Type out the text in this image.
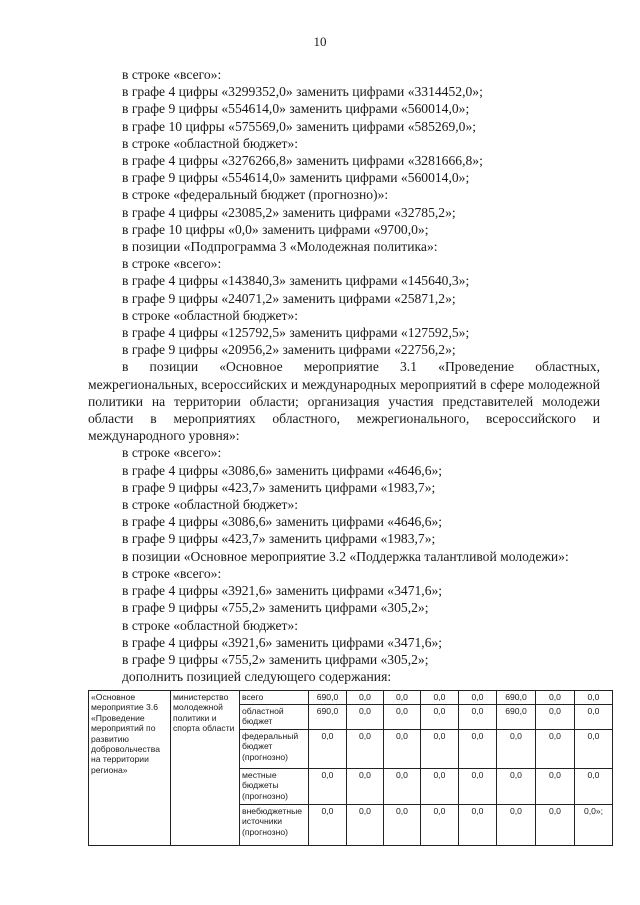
10
в строке «всего»:
в графе 4 цифры «3299352,0» заменить цифрами «3314452,0»;
в графе 9 цифры «554614,0» заменить цифрами «560014,0»;
в графе 10 цифры «575569,0» заменить цифрами «585269,0»;
в строке «областной бюджет»:
в графе 4 цифры «3276266,8» заменить цифрами «3281666,8»;
в графе 9 цифры «554614,0» заменить цифрами «560014,0»;
в строке «федеральный бюджет (прогнозно)»:
в графе 4 цифры «23085,2» заменить цифрами «32785,2»;
в графе 10 цифры «0,0» заменить цифрами «9700,0»;
в позиции «Подпрограмма 3 «Молодежная политика»:
в строке «всего»:
в графе 4 цифры «143840,3» заменить цифрами «145640,3»;
в графе 9 цифры «24071,2» заменить цифрами «25871,2»;
в строке «областной бюджет»:
в графе 4 цифры «125792,5» заменить цифрами «127592,5»;
в графе 9 цифры «20956,2» заменить цифрами «22756,2»;
в позиции «Основное мероприятие 3.1 «Проведение областных, межрегиональных, всероссийских и международных мероприятий в сфере молодежной политики на территории области; организация участия представителей молодежи области в мероприятиях областного, межрегионального, всероссийского и международного уровня»:
в строке «всего»:
в графе 4 цифры «3086,6» заменить цифрами «4646,6»;
в графе 9 цифры «423,7» заменить цифрами «1983,7»;
в строке «областной бюджет»:
в графе 4 цифры «3086,6» заменить цифрами «4646,6»;
в графе 9 цифры «423,7» заменить цифрами «1983,7»;
в позиции «Основное мероприятие 3.2 «Поддержка талантливой молодежи»:
в строке «всего»:
в графе 4 цифры «3921,6» заменить цифрами «3471,6»;
в графе 9 цифры «755,2» заменить цифрами «305,2»;
в строке «областной бюджет»:
в графе 4 цифры «3921,6» заменить цифрами «3471,6»;
в графе 9 цифры «755,2» заменить цифрами «305,2»;
дополнить позицией следующего содержания:
«Основное мероприятие 3.6 «Проведение мероприятий по развитию добровольчества на территории региона»	министерство молодежной политики и спорта области	всего	690,0	0,0	0,0	0,0	0,0	690,0	0,0	0,0
		областной бюджет	690,0	0,0	0,0	0,0	0,0	690,0	0,0	0,0
		федеральный бюджет (прогнозно)	0,0	0,0	0,0	0,0	0,0	0,0	0,0	0,0
		местные бюджеты (прогнозно)	0,0	0,0	0,0	0,0	0,0	0,0	0,0	0,0
		внебюджетные источники (прогнозно)	0,0	0,0	0,0	0,0	0,0	0,0	0,0	0,0»;
